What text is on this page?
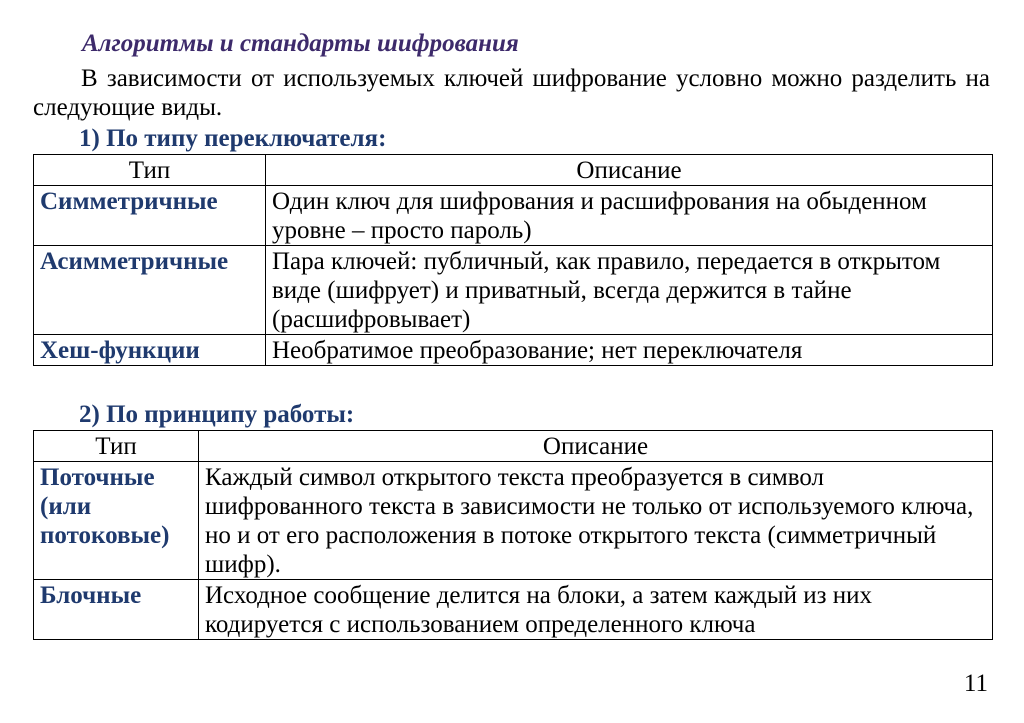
Алгоритмы и стандарты шифрования
В зависимости от используемых ключей шифрование условно можно разделить на следующие виды.
1) По типу переключателя:
Тип	Описание
Симметричные	Один ключ для шифрования и расшифрования на обыденном уровне – просто пароль)
Асимметричные	Пара ключей: публичный, как правило, передается в открытом виде (шифрует) и приватный, всегда держится в тайне (расшифровывает)
Хеш-функции	Необратимое преобразование; нет переключателя
2) По принципу работы:
Тип	Описание
Поточные (или потоковые)	Каждый символ открытого текста преобразуется в символ шифрованного текста в зависимости не только от используемого ключа, но и от его расположения в потоке открытого текста (симметричный шифр).
Блочные	Исходное сообщение делится на блоки, а затем каждый из них кодируется с использованием определенного ключа
11
